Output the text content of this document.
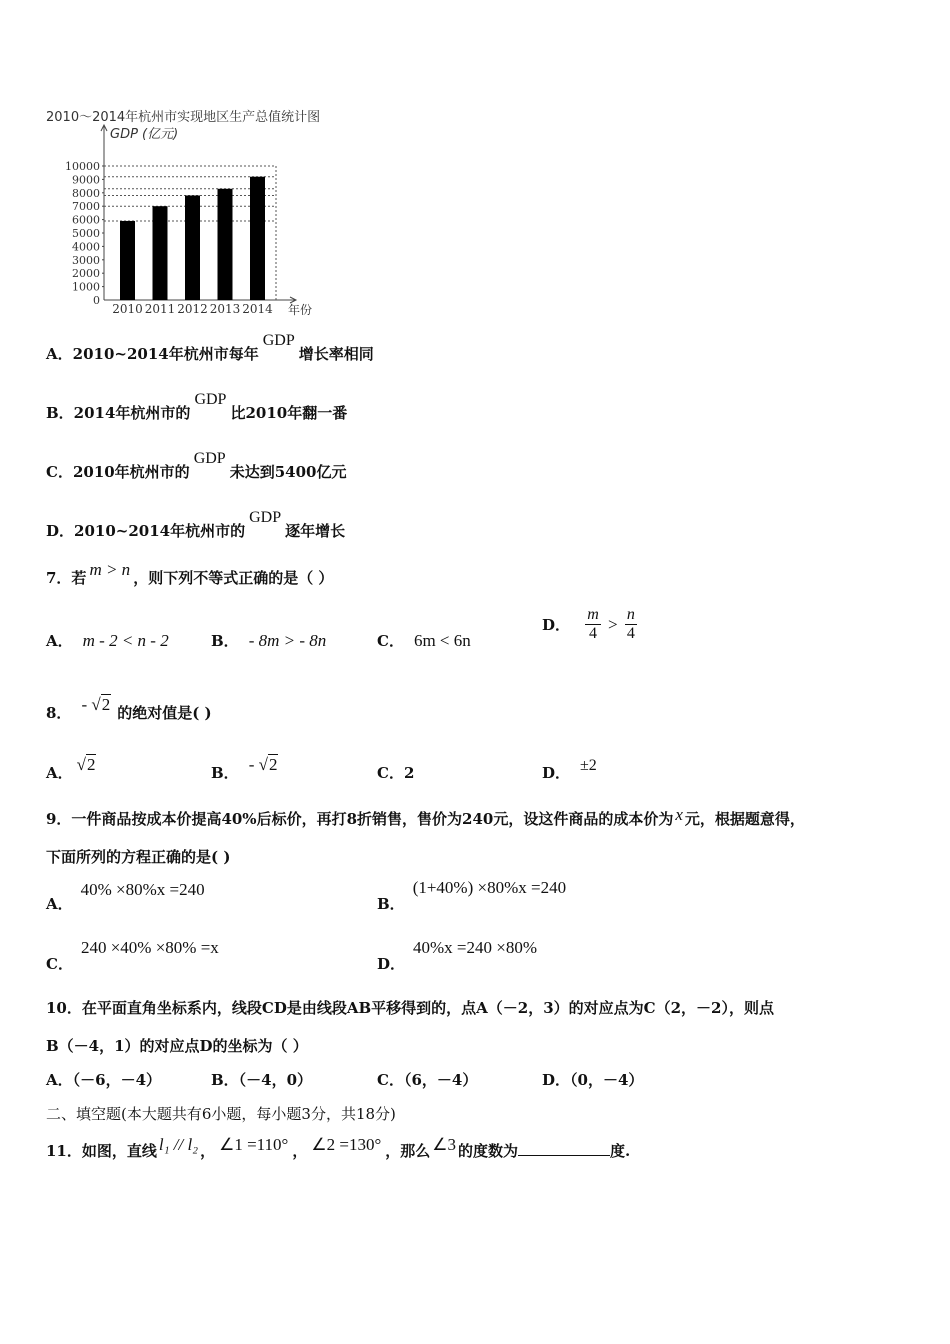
2010～2014年杭州市实现地区生产总值统计图
GDP (亿元)
年份
0
1000
2000
3000
4000
5000
6000
7000
8000
9000
10000
2010 2011 2012 2013 2014
A．2010~2014年杭州市每年GDP增长率相同
B．2014年杭州市的GDP比2010年翻一番
C．2010年杭州市的GDP未达到5400亿元
D．2010~2014年杭州市的GDP逐年增长
7．若 m > n ，则下列不等式正确的是（ ）
A． m - 2 < n - 2	B． - 8m > - 8n	C． 6m < 6n
D． $\frac{m}{4} > \frac{n}{4}$
8． - √2 的绝对值是( )
A． √2	B． - √2	C．2	D． ±2
9．一件商品按成本价提高40%后标价，再打8折销售，售价为240元，设这件商品的成本价为 x 元，根据题意得，
下面所列的方程正确的是( )
A．40% ×80%x =240
B．(1+40%) ×80%x =240
C．240 ×40% ×80% =x
D．40%x =240 ×80%
10．在平面直角坐标系内，线段CD是由线段AB平移得到的，点A（－2，3）的对应点为C（2，－2），则点
B（－4，1）的对应点D的坐标为（ ）
A．（－6，－4）	B．（－4，0）	C．（6，－4）	D．（0，－4）
二、填空题(本大题共有6小题，每小题3分，共18分)
11．如图，直线 l₁ // l₂ ， ∠1 =110° ， ∠2 =130° ，那么 ∠3 的度数为	度.
